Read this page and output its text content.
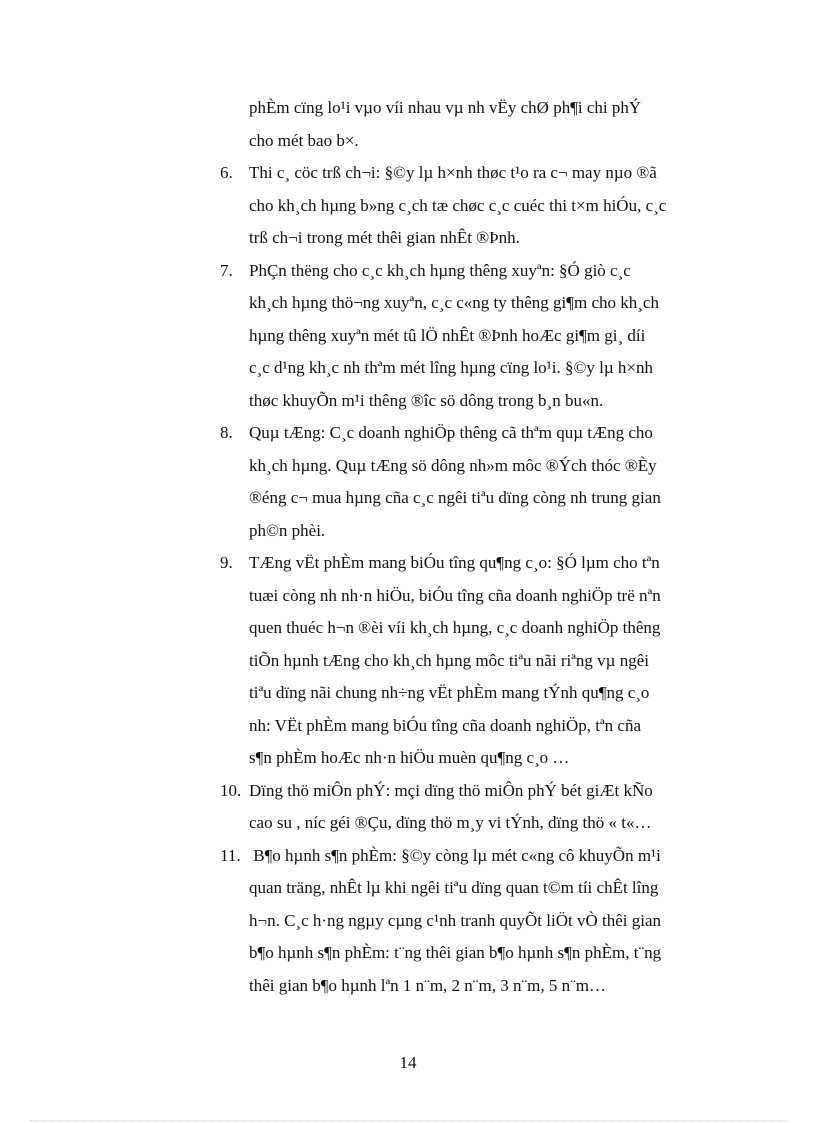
phÈm cïng lo¹i vµo víi nhau vµ nh vËy chØ ph¶i chi phÝ
cho mét bao b×.
6. Thi c¸ cöc trß ch¬i: §©y lµ h×nh thøc t¹o ra c¬ may nµo ®ã
cho kh¸ch hµng b»ng c¸ch tæ chøc c¸c cuéc thi t×m hiÓu, c¸c
trß ch¬i trong mét thêi gian nhÊt ®Þnh.
7. PhÇn thëng cho c¸c kh¸ch hµng thêng xuyªn: §Ó giò c¸c
kh¸ch hµng thö¬ng xuyªn, c¸c c«ng ty thêng gi¶m cho kh¸ch
hµng thêng xuyªn mét tû lÖ nhÊt ®Þnh hoÆc gi¶m gi¸ díi
c¸c d¹ng kh¸c nh thªm mét lîng hµng cïng lo¹i. §©y lµ h×nh
thøc khuyÕn m¹i thêng ®îc sö dông trong b¸n bu«n.
8. Quµ tÆng: C¸c doanh nghiÖp thêng cã thªm quµ tÆng cho
kh¸ch hµng. Quµ tÆng sö dông nh»m môc ®Ých thóc ®Èy
®éng c¬ mua hµng cña c¸c ngêi tiªu dïng còng nh trung gian
ph©n phèi.
9. TÆng vËt phÈm mang biÓu tîng qu¶ng c¸o: §Ó lµm cho tªn
tuæi còng nh nh·n hiÖu, biÓu tîng cña doanh nghiÖp trë nªn
quen thuéc h¬n ®èi víi kh¸ch hµng, c¸c doanh nghiÖp thêng
tiÕn hµnh tÆng cho kh¸ch hµng môc tiªu nãi riªng vµ ngêi
tiªu dïng nãi chung nh÷ng vËt phÈm mang tÝnh qu¶ng c¸o
nh: VËt phÈm mang biÓu tîng cña doanh nghiÖp, tªn cña
s¶n phÈm hoÆc nh·n hiÖu muèn qu¶ng c¸o …
10. Dïng thö miÔn phÝ: mçi dïng thö miÔn phÝ bét giÆt kÑo
cao su , níc géi ®Çu, dïng thö m¸y vi tÝnh, dïng thö « t«…
11. B¶o hµnh s¶n phÈm: §©y còng lµ mét c«ng cô khuyÕn m¹i
quan träng, nhÊt lµ khi ngêi tiªu dïng quan t©m tíi chÊt lîng
h¬n. C¸c h·ng ngµy cµng c¹nh tranh quyÕt liÖt vÒ thêi gian
b¶o hµnh s¶n phÈm: t¨ng thêi gian b¶o hµnh s¶n phÈm, t¨ng
thêi gian b¶o hµnh lªn 1 n¨m, 2 n¨m, 3 n¨m, 5 n¨m…
14
